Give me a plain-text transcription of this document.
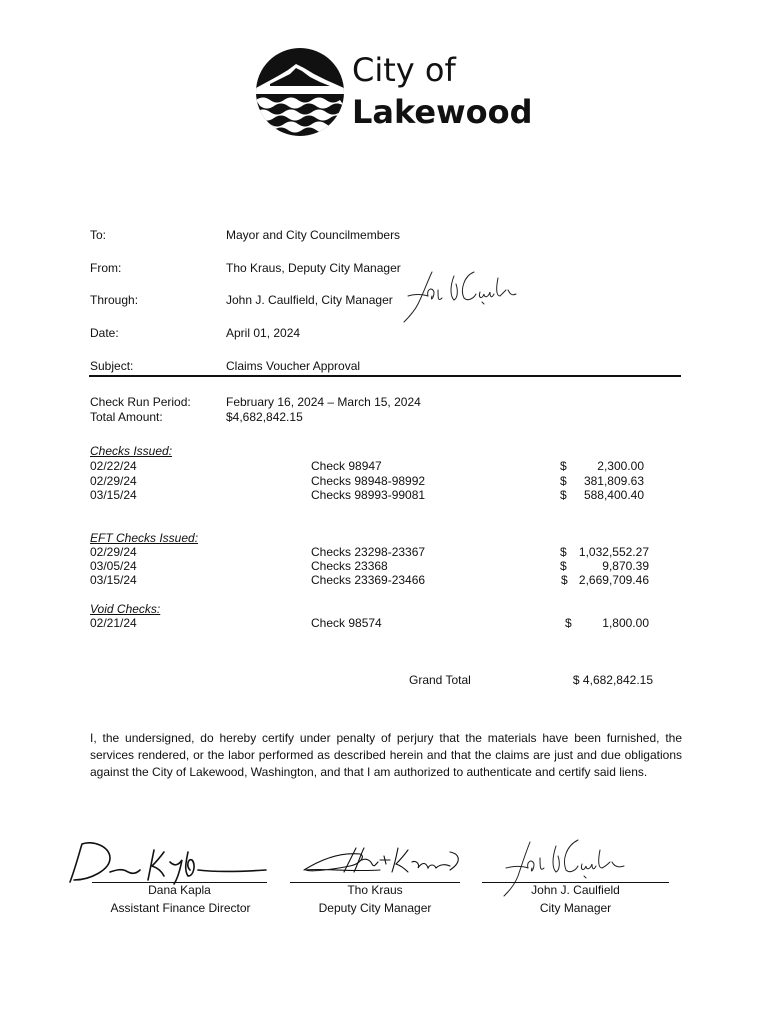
City of
Lakewood
To:	Mayor and City Councilmembers
From:	Tho Kraus, Deputy City Manager
Through:	John J. Caulfield, City Manager
Date:	April 01, 2024
Subject:	Claims Voucher Approval
Check Run Period:	February 16, 2024 – March 15, 2024
Total Amount:	$4,682,842.15
Checks Issued:
02/22/24	Check 98947	$	2,300.00
02/29/24	Checks 98948-98992	$	381,809.63
03/15/24	Checks 98993-99081	$	588,400.40
EFT Checks Issued:
02/29/24	Checks 23298-23367	$	1,032,552.27
03/05/24	Checks 23368	$	9,870.39
03/15/24	Checks 23369-23466	$ 2,669,709.46
Void Checks:
02/21/24	Check 98574	$	1,800.00
Grand Total	$ 4,682,842.15
I, the undersigned, do hereby certify under penalty of perjury that the materials have been furnished, the services rendered, or the labor performed as described herein and that the claims are just and due obligations against the City of Lakewood, Washington, and that I am authorized to authenticate and certify said liens.
Dana Kapla
Assistant Finance Director
Tho Kraus
Deputy City Manager
John J. Caulfield
City Manager
